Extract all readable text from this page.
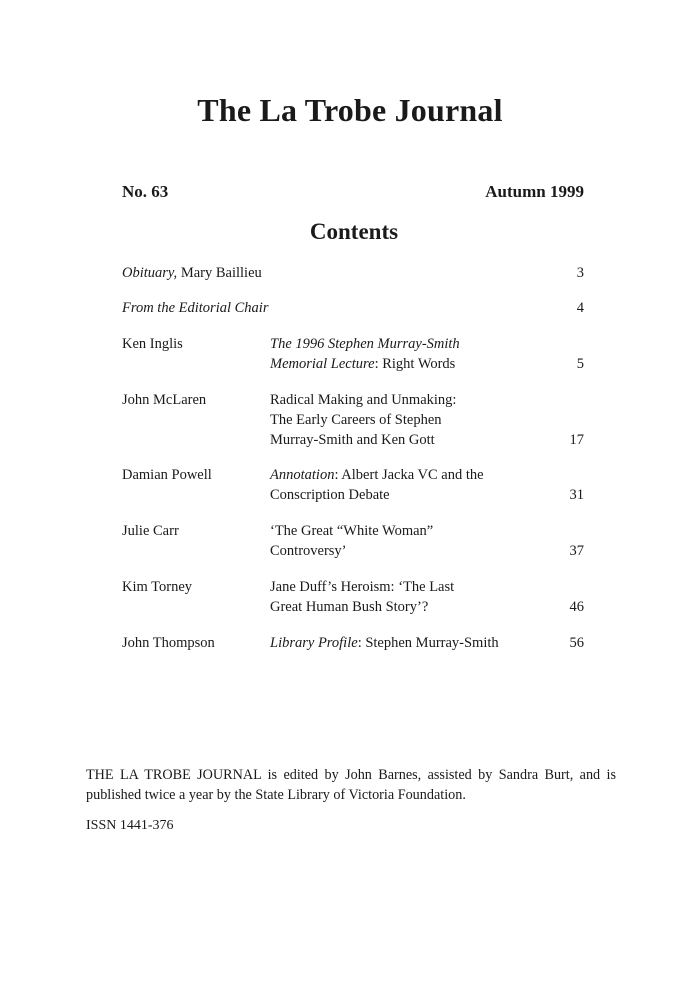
The La Trobe Journal
No. 63	Autumn 1999
Contents
Obituary, Mary Baillieu	3
From the Editorial Chair	4
Ken Inglis	The 1996 Stephen Murray-Smith
Memorial Lecture: Right Words	5
John McLaren	Radical Making and Unmaking:
The Early Careers of Stephen
Murray-Smith and Ken Gott	17
Damian Powell	Annotation: Albert Jacka VC and the
Conscription Debate	31
Julie Carr	‘The Great “White Woman”
Controversy’	37
Kim Torney	Jane Duff’s Heroism: ‘The Last
Great Human Bush Story’?	46
John Thompson	Library Profile: Stephen Murray-Smith	56
THE LA TROBE JOURNAL is edited by John Barnes, assisted by Sandra Burt, and is published twice a year by the State Library of Victoria Foundation.
ISSN 1441-376
